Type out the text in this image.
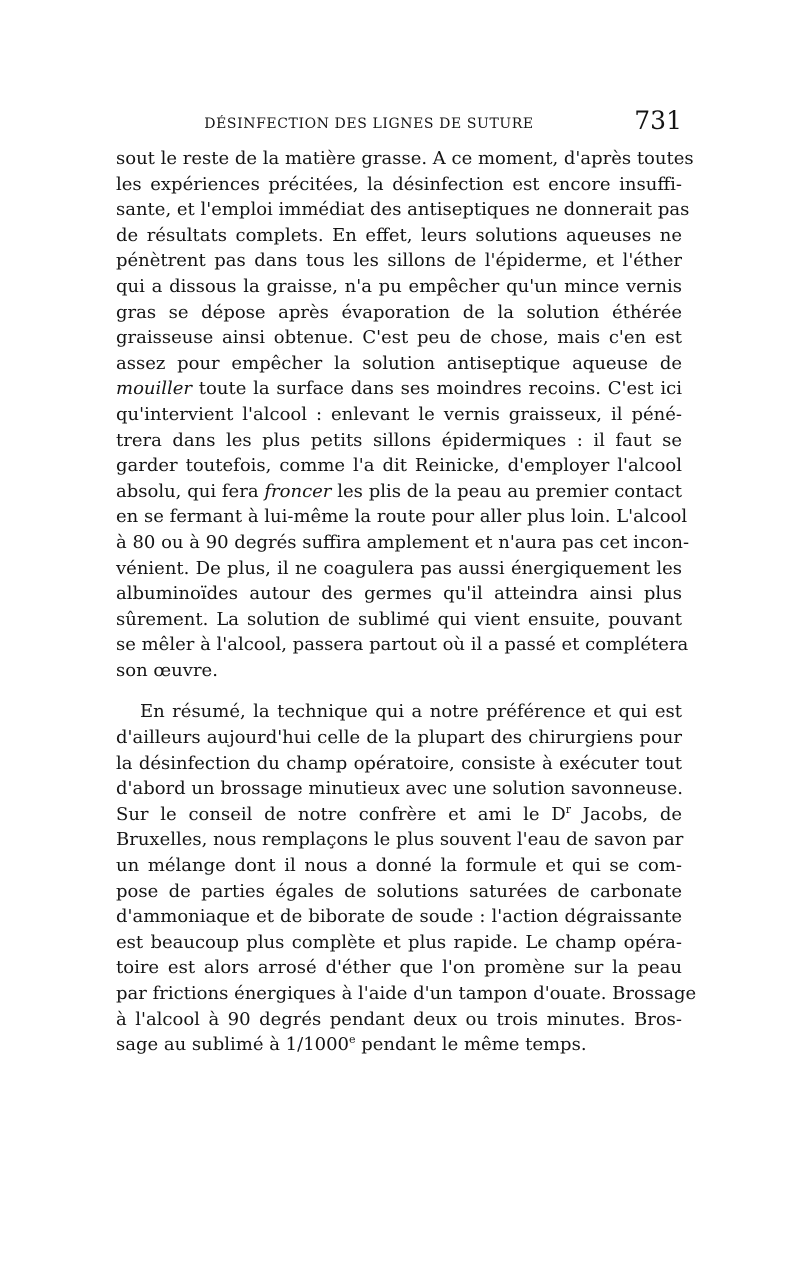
DÉSINFECTION DES LIGNES DE SUTURE	731
sout le reste de la matière grasse. A ce moment, d'après toutes
les expériences précitées, la désinfection est encore insuffi-
sante, et l'emploi immédiat des antiseptiques ne donnerait pas
de résultats complets. En effet, leurs solutions aqueuses ne
pénètrent pas dans tous les sillons de l'épiderme, et l'éther
qui a dissous la graisse, n'a pu empêcher qu'un mince vernis
gras se dépose après évaporation de la solution éthérée
graisseuse ainsi obtenue. C'est peu de chose, mais c'en est
assez pour empêcher la solution antiseptique aqueuse de
mouiller toute la surface dans ses moindres recoins. C'est ici
qu'intervient l'alcool : enlevant le vernis graisseux, il péné-
trera dans les plus petits sillons épidermiques : il faut se
garder toutefois, comme l'a dit Reinicke, d'employer l'alcool
absolu, qui fera froncer les plis de la peau au premier contact
en se fermant à lui-même la route pour aller plus loin. L'alcool
à 80 ou à 90 degrés suffira amplement et n'aura pas cet incon-
vénient. De plus, il ne coagulera pas aussi énergiquement les
albuminoïdes autour des germes qu'il atteindra ainsi plus
sûrement. La solution de sublimé qui vient ensuite, pouvant
se mêler à l'alcool, passera partout où il a passé et complétera
son œuvre.
En résumé, la technique qui a notre préférence et qui est
d'ailleurs aujourd'hui celle de la plupart des chirurgiens pour
la désinfection du champ opératoire, consiste à exécuter tout
d'abord un brossage minutieux avec une solution savonneuse.
Sur le conseil de notre confrère et ami le $D^r$ Jacobs, de
Bruxelles, nous remplaçons le plus souvent l'eau de savon par
un mélange dont il nous a donné la formule et qui se com-
pose de parties égales de solutions saturées de carbonate
d'ammoniaque et de biborate de soude : l'action dégraissante
est beaucoup plus complète et plus rapide. Le champ opéra-
toire est alors arrosé d'éther que l'on promène sur la peau
par frictions énergiques à l'aide d'un tampon d'ouate. Brossage
à l'alcool à 90 degrés pendant deux ou trois minutes. Bros-
sage au sublimé à 1/1000e pendant le même temps.
